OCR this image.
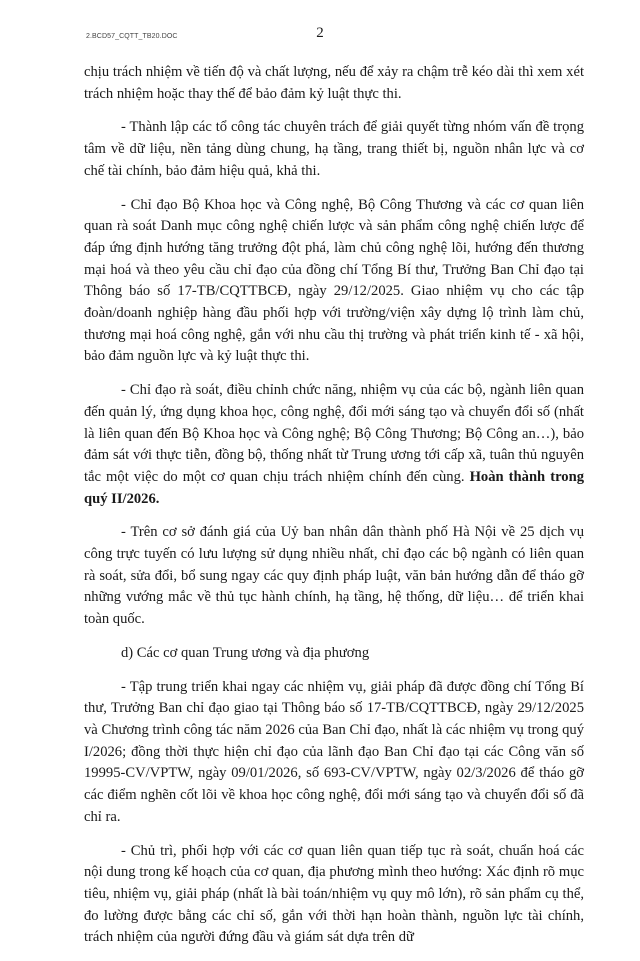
2.BCD57_CQTT_TB20.DOC	2

chịu trách nhiệm về tiến độ và chất lượng, nếu để xảy ra chậm trễ kéo dài thì xem xét trách nhiệm hoặc thay thế để bảo đảm kỷ luật thực thi.

- Thành lập các tổ công tác chuyên trách để giải quyết từng nhóm vấn đề trọng tâm về dữ liệu, nền tảng dùng chung, hạ tầng, trang thiết bị, nguồn nhân lực và cơ chế tài chính, bảo đảm hiệu quả, khả thi.

- Chỉ đạo Bộ Khoa học và Công nghệ, Bộ Công Thương và các cơ quan liên quan rà soát Danh mục công nghệ chiến lược và sản phẩm công nghệ chiến lược để đáp ứng định hướng tăng trưởng đột phá, làm chủ công nghệ lõi, hướng đến thương mại hoá và theo yêu cầu chỉ đạo của đồng chí Tổng Bí thư, Trưởng Ban Chỉ đạo tại Thông báo số 17-TB/CQTTBCĐ, ngày 29/12/2025. Giao nhiệm vụ cho các tập đoàn/doanh nghiệp hàng đầu phối hợp với trường/viện xây dựng lộ trình làm chủ, thương mại hoá công nghệ, gắn với nhu cầu thị trường và phát triển kinh tế - xã hội, bảo đảm nguồn lực và kỷ luật thực thi.

- Chỉ đạo rà soát, điều chỉnh chức năng, nhiệm vụ của các bộ, ngành liên quan đến quản lý, ứng dụng khoa học, công nghệ, đổi mới sáng tạo và chuyển đổi số (nhất là liên quan đến Bộ Khoa học và Công nghệ; Bộ Công Thương; Bộ Công an…), bảo đảm sát với thực tiễn, đồng bộ, thống nhất từ Trung ương tới cấp xã, tuân thủ nguyên tắc một việc do một cơ quan chịu trách nhiệm chính đến cùng. Hoàn thành trong quý II/2026.

- Trên cơ sở đánh giá của Uỷ ban nhân dân thành phố Hà Nội về 25 dịch vụ công trực tuyến có lưu lượng sử dụng nhiều nhất, chỉ đạo các bộ ngành có liên quan rà soát, sửa đổi, bổ sung ngay các quy định pháp luật, văn bản hướng dẫn để tháo gỡ những vướng mắc về thủ tục hành chính, hạ tầng, hệ thống, dữ liệu… để triển khai toàn quốc.

d) Các cơ quan Trung ương và địa phương

- Tập trung triển khai ngay các nhiệm vụ, giải pháp đã được đồng chí Tổng Bí thư, Trưởng Ban chỉ đạo giao tại Thông báo số 17-TB/CQTTBCĐ, ngày 29/12/2025 và Chương trình công tác năm 2026 của Ban Chỉ đạo, nhất là các nhiệm vụ trong quý I/2026; đồng thời thực hiện chỉ đạo của lãnh đạo Ban Chỉ đạo tại các Công văn số 19995-CV/VPTW, ngày 09/01/2026, số 693-CV/VPTW, ngày 02/3/2026 để tháo gỡ các điểm nghẽn cốt lõi về khoa học công nghệ, đổi mới sáng tạo và chuyển đổi số đã chỉ ra.

- Chủ trì, phối hợp với các cơ quan liên quan tiếp tục rà soát, chuẩn hoá các nội dung trong kế hoạch của cơ quan, địa phương mình theo hướng: Xác định rõ mục tiêu, nhiệm vụ, giải pháp (nhất là bài toán/nhiệm vụ quy mô lớn), rõ sản phẩm cụ thể, đo lường được bằng các chỉ số, gắn với thời hạn hoàn thành, nguồn lực tài chính, trách nhiệm của người đứng đầu và giám sát dựa trên dữ
